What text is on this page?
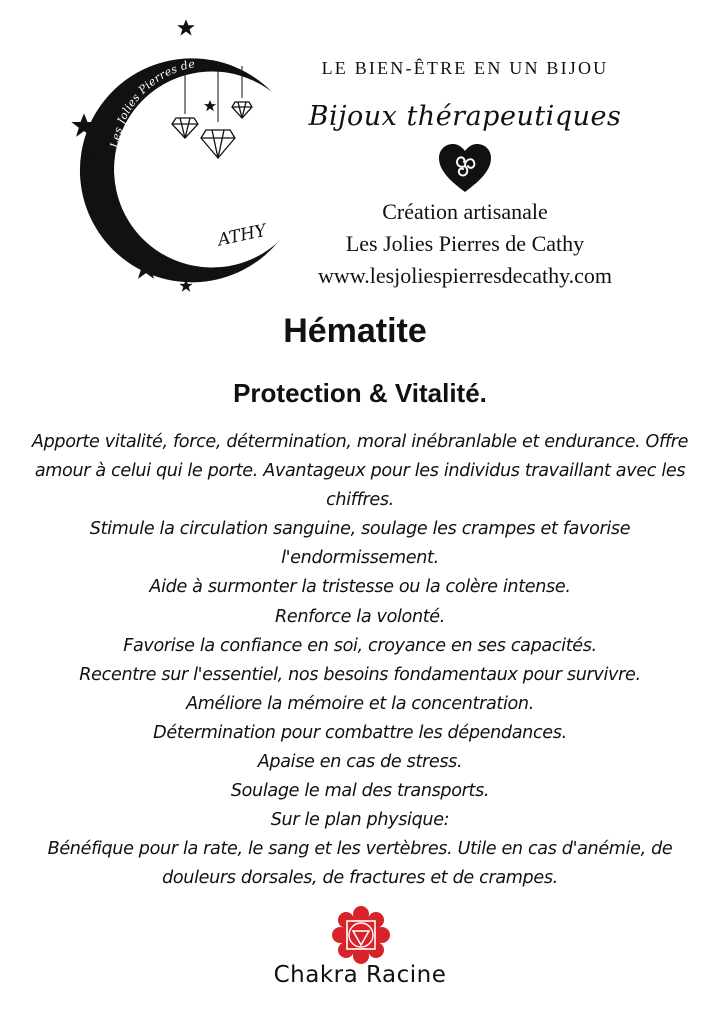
Les Jolies Pierres de
ATHY

LE BIEN-ÊTRE EN UN BIJOU

Bijoux thérapeutiques

Création artisanale
Les Jolies Pierres de Cathy
www.lesjoliespierresdecathy.com
Hématite
Protection & Vitalité.

Apporte vitalité, force, détermination, moral inébranlable et endurance. Offre amour à celui qui le porte. Avantageux pour les individus travaillant avec les chiffres.

Stimule la circulation sanguine, soulage les crampes et favorise l'endormissement.

Aide à surmonter la tristesse ou la colère intense.

Renforce la volonté.

Favorise la confiance en soi, croyance en ses capacités.

Recentre sur l'essentiel, nos besoins fondamentaux pour survivre.

Améliore la mémoire et la concentration.

Détermination pour combattre les dépendances.

Apaise en cas de stress.

Soulage le mal des transports.

Sur le plan physique:

Bénéfique pour la rate, le sang et les vertèbres. Utile en cas d'anémie, de douleurs dorsales, de fractures et de crampes.

Chakra Racine
